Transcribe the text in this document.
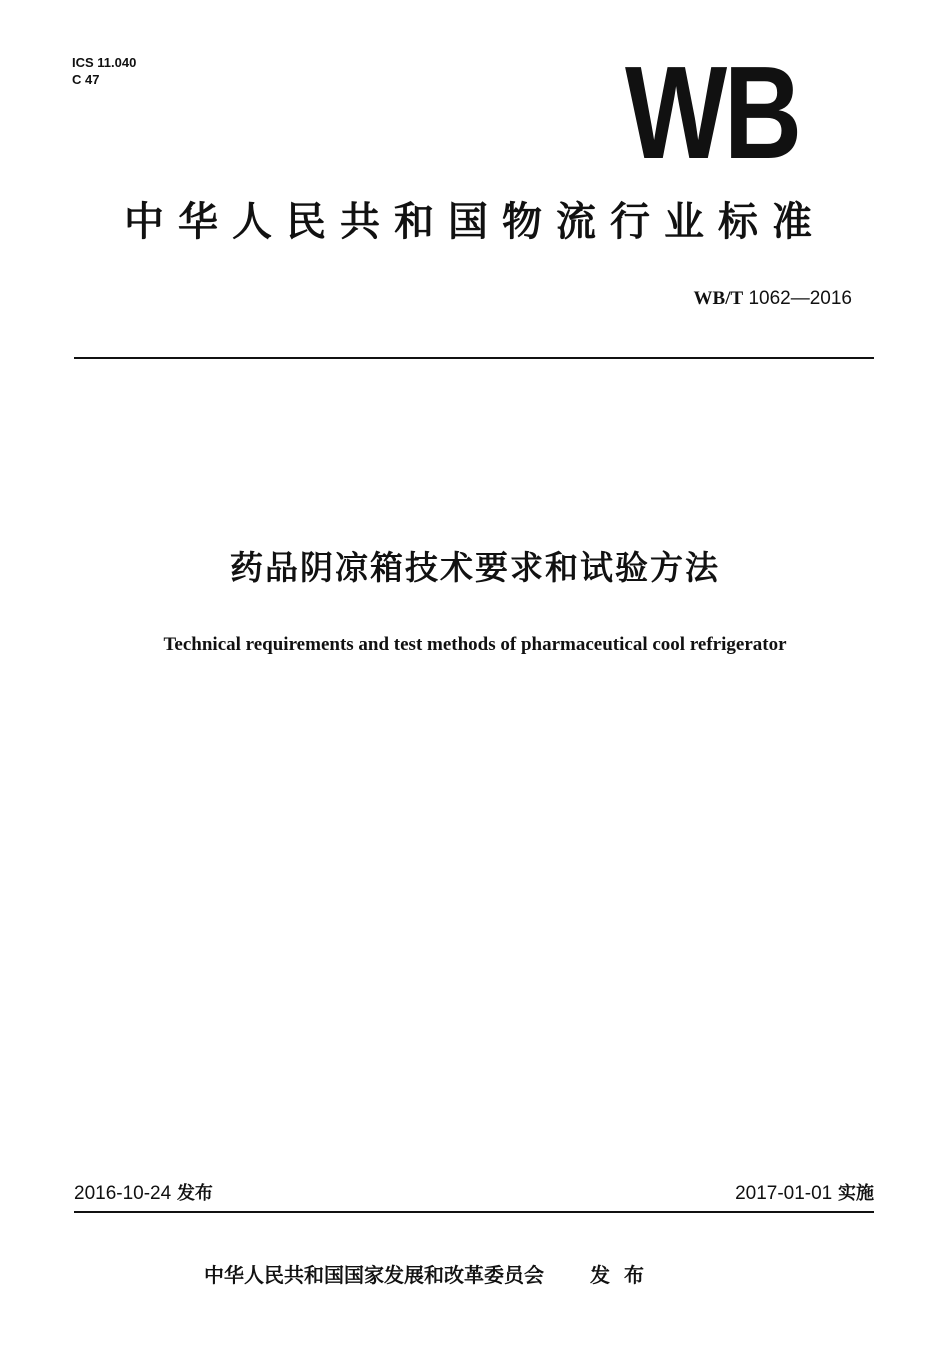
ICS 11.040
C 47	WB
中华人民共和国物流行业标准
WB/T 1062—2016
药品阴凉箱技术要求和试验方法
Technical requirements and test methods of pharmaceutical cool refrigerator
2016-10-24 发布	2017-01-01 实施
中华人民共和国国家发展和改革委员会 发布
